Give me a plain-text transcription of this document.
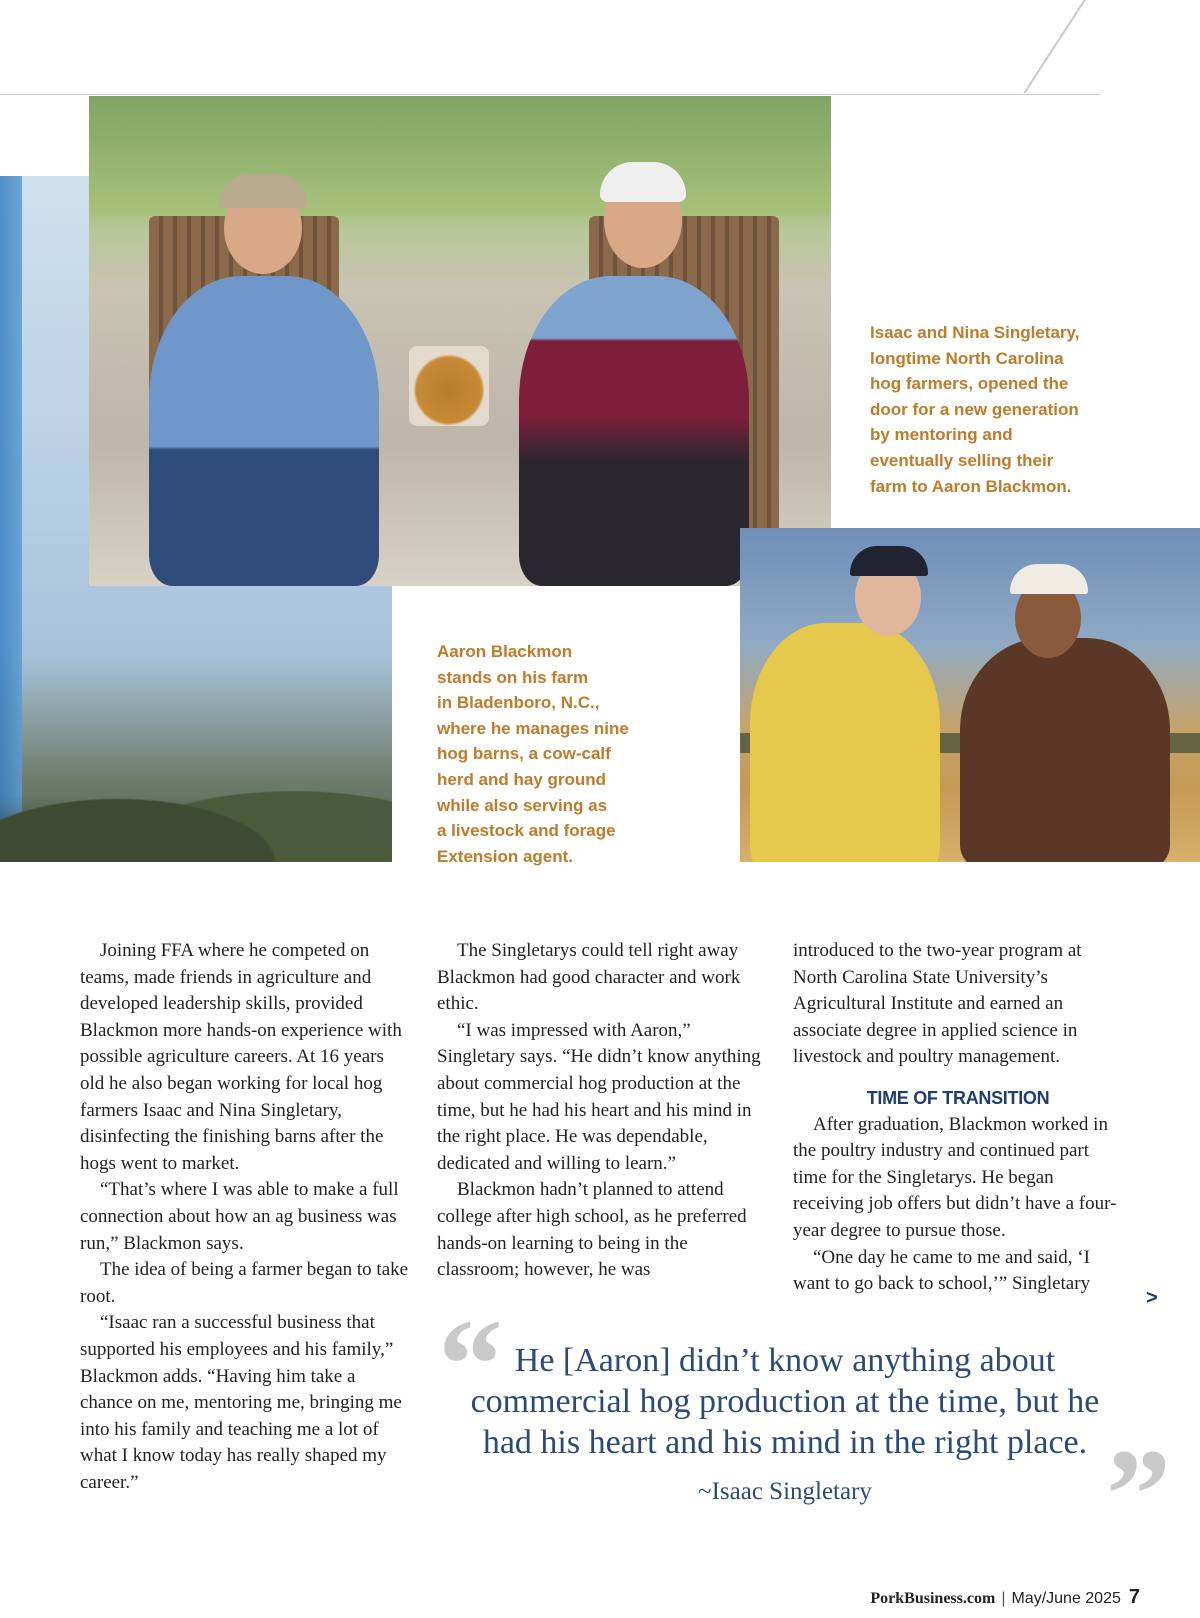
Isaac and Nina Singletary,
longtime North Carolina
hog farmers, opened the
door for a new generation
by mentoring and
eventually selling their
farm to Aaron Blackmon.
Aaron Blackmon
stands on his farm
in Bladenboro, N.C.,
where he manages nine
hog barns, a cow-calf
herd and hay ground
while also serving as
a livestock and forage
Extension agent.

Joining FFA where he competed on teams, made friends in agriculture and developed leadership skills, provided Blackmon more hands-on experience with possible agriculture careers. At 16 years old he also began working for local hog farmers Isaac and Nina Singletary, disinfecting the finishing barns after the hogs went to market.

“That’s where I was able to make a full connection about how an ag business was run,” Blackmon says.

The idea of being a farmer began to take root.

“Isaac ran a successful business that supported his employees and his family,” Blackmon adds. “Having him take a chance on me, mentoring me, bringing me into his family and teaching me a lot of what I know today has really shaped my career.”

The Singletarys could tell right away Blackmon had good character and work ethic.

“I was impressed with Aaron,” Singletary says. “He didn’t know anything about commercial hog production at the time, but he had his heart and his mind in the right place. He was dependable, dedicated and willing to learn.”

Blackmon hadn’t planned to attend college after high school, as he preferred hands-on learning to being in the classroom; however, he was

introduced to the two-year program at North Carolina State University’s Agricultural Institute and earned an associate degree in applied science in livestock and poultry management.

TIME OF TRANSITION

After graduation, Blackmon worked in the poultry industry and continued part time for the Singletarys. He began receiving job offers but didn’t have a four-year degree to pursue those.

“One day he came to me and said, ‘I want to go back to school,’” Singletary

>
“ He [Aaron] didn’t know anything about commercial hog production at the time, but he had his heart and his mind in the right place.
~Isaac Singletary	”
PorkBusiness.com | May/June 2025 7
